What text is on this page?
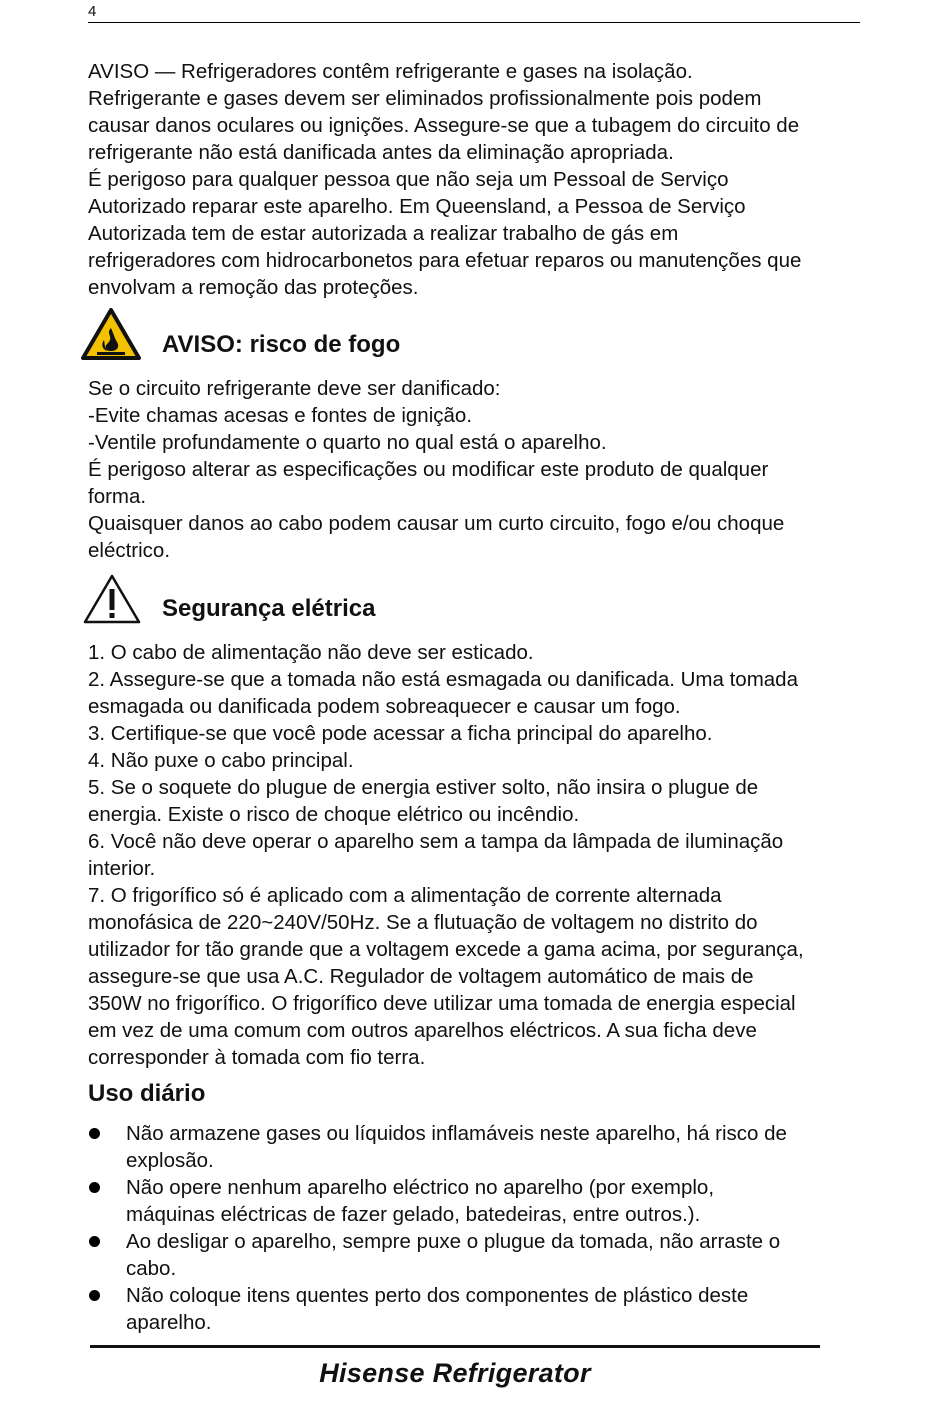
4

AVISO — Refrigeradores contêm refrigerante e gases na isolação.

Refrigerante e gases devem ser eliminados profissionalmente pois podem

causar danos oculares ou ignições. Assegure-se que a tubagem do circuito de

refrigerante não está danificada antes da eliminação apropriada.

É perigoso para qualquer pessoa que não seja um Pessoal de Serviço

Autorizado reparar este aparelho. Em Queensland, a Pessoa de Serviço

Autorizada tem de estar autorizada a realizar trabalho de gás em

refrigeradores com hidrocarbonetos para efetuar reparos ou manutenções que

envolvam a remoção das proteções.

AVISO: risco de fogo

Se o circuito refrigerante deve ser danificado:

-Evite chamas acesas e fontes de ignição.

-Ventile profundamente o quarto no qual está o aparelho.

É perigoso alterar as especificações ou modificar este produto de qualquer

forma.

Quaisquer danos ao cabo podem causar um curto circuito, fogo e/ou choque

eléctrico.

Segurança elétrica

1. O cabo de alimentação não deve ser esticado.

2. Assegure-se que a tomada não está esmagada ou danificada. Uma tomada

esmagada ou danificada podem sobreaquecer e causar um fogo.

3. Certifique-se que você pode acessar a ficha principal do aparelho.

4. Não puxe o cabo principal.

5. Se o soquete do plugue de energia estiver solto, não insira o plugue de

energia. Existe o risco de choque elétrico ou incêndio.

6. Você não deve operar o aparelho sem a tampa da lâmpada de iluminação

interior.

7. O frigorífico só é aplicado com a alimentação de corrente alternada

monofásica de 220~240V/50Hz. Se a flutuação de voltagem no distrito do

utilizador for tão grande que a voltagem excede a gama acima, por segurança,

assegure-se que usa A.C. Regulador de voltagem automático de mais de

350W no frigorífico. O frigorífico deve utilizar uma tomada de energia especial

em vez de uma comum com outros aparelhos eléctricos. A sua ficha deve

corresponder à tomada com fio terra.

Uso diário
Não armazene gases ou líquidos inflamáveis neste aparelho, há risco de
explosão.
Não opere nenhum aparelho eléctrico no aparelho (por exemplo,
máquinas eléctricas de fazer gelado, batedeiras, entre outros.).
Ao desligar o aparelho, sempre puxe o plugue da tomada, não arraste o
cabo.
Não coloque itens quentes perto dos componentes de plástico deste
aparelho.
Hisense Refrigerator
